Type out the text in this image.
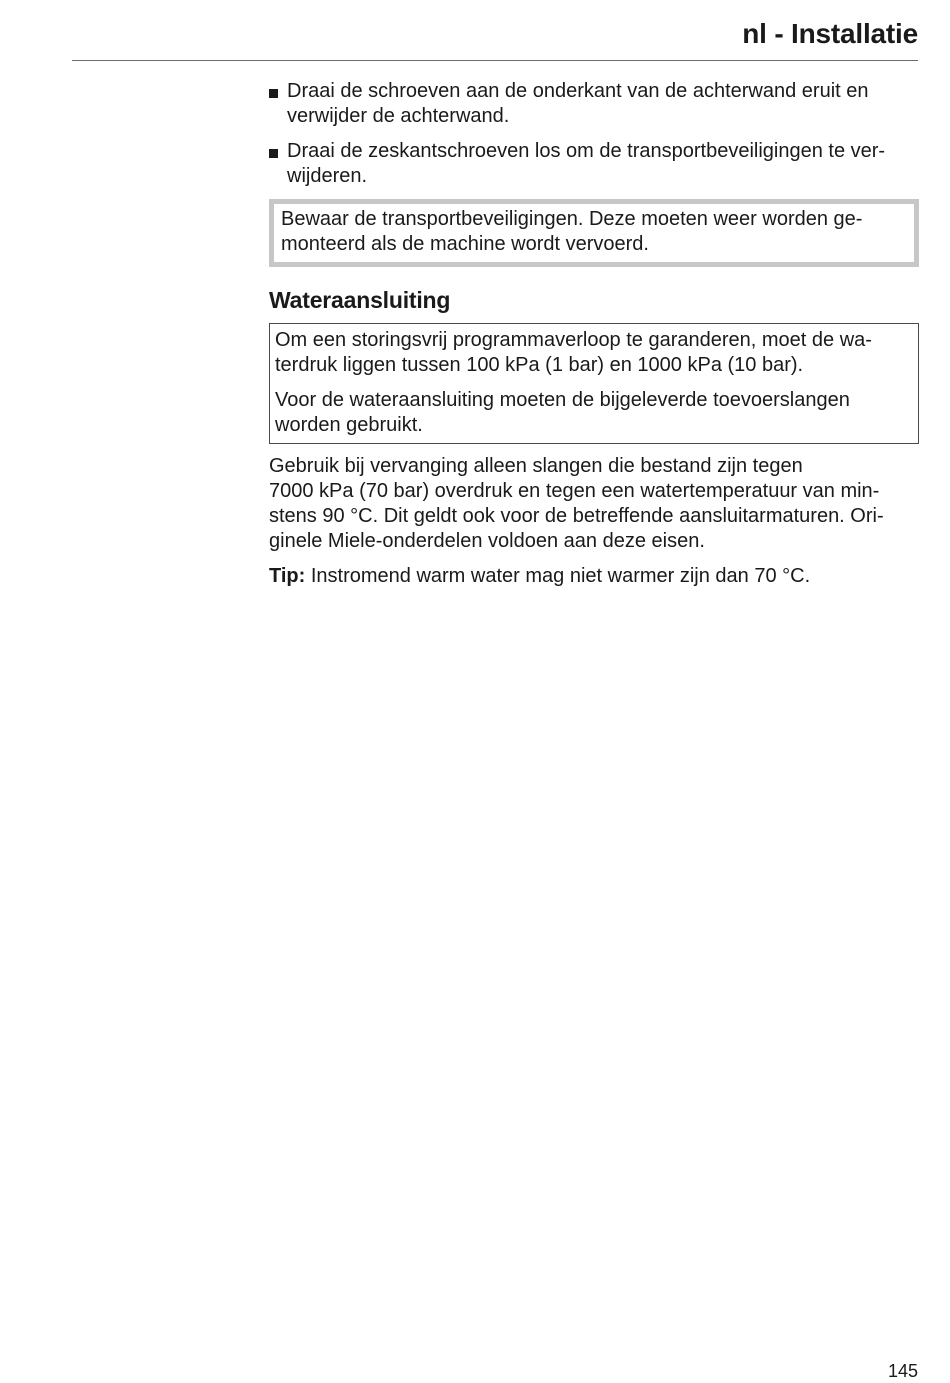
nl - Installatie
Draai de schroeven aan de onderkant van de achterwand eruit en
verwijder de achterwand.
Draai de zeskantschroeven los om de transportbeveiligingen te ver-
wijderen.
Bewaar de transportbeveiligingen. Deze moeten weer worden ge-
monteerd als de machine wordt vervoerd.
Wateraansluiting
Om een storingsvrij programmaverloop te garanderen, moet de wa-
terdruk liggen tussen 100 kPa (1 bar) en 1000 kPa (10 bar).
Voor de wateraansluiting moeten de bijgeleverde toevoerslangen
worden gebruikt.
Gebruik bij vervanging alleen slangen die bestand zijn tegen
7000 kPa (70 bar) overdruk en tegen een watertemperatuur van min-
stens 90 °C. Dit geldt ook voor de betreffende aansluitarmaturen. Ori-
ginele Miele-onderdelen voldoen aan deze eisen.
Tip: Instromend warm water mag niet warmer zijn dan 70 °C.
145
